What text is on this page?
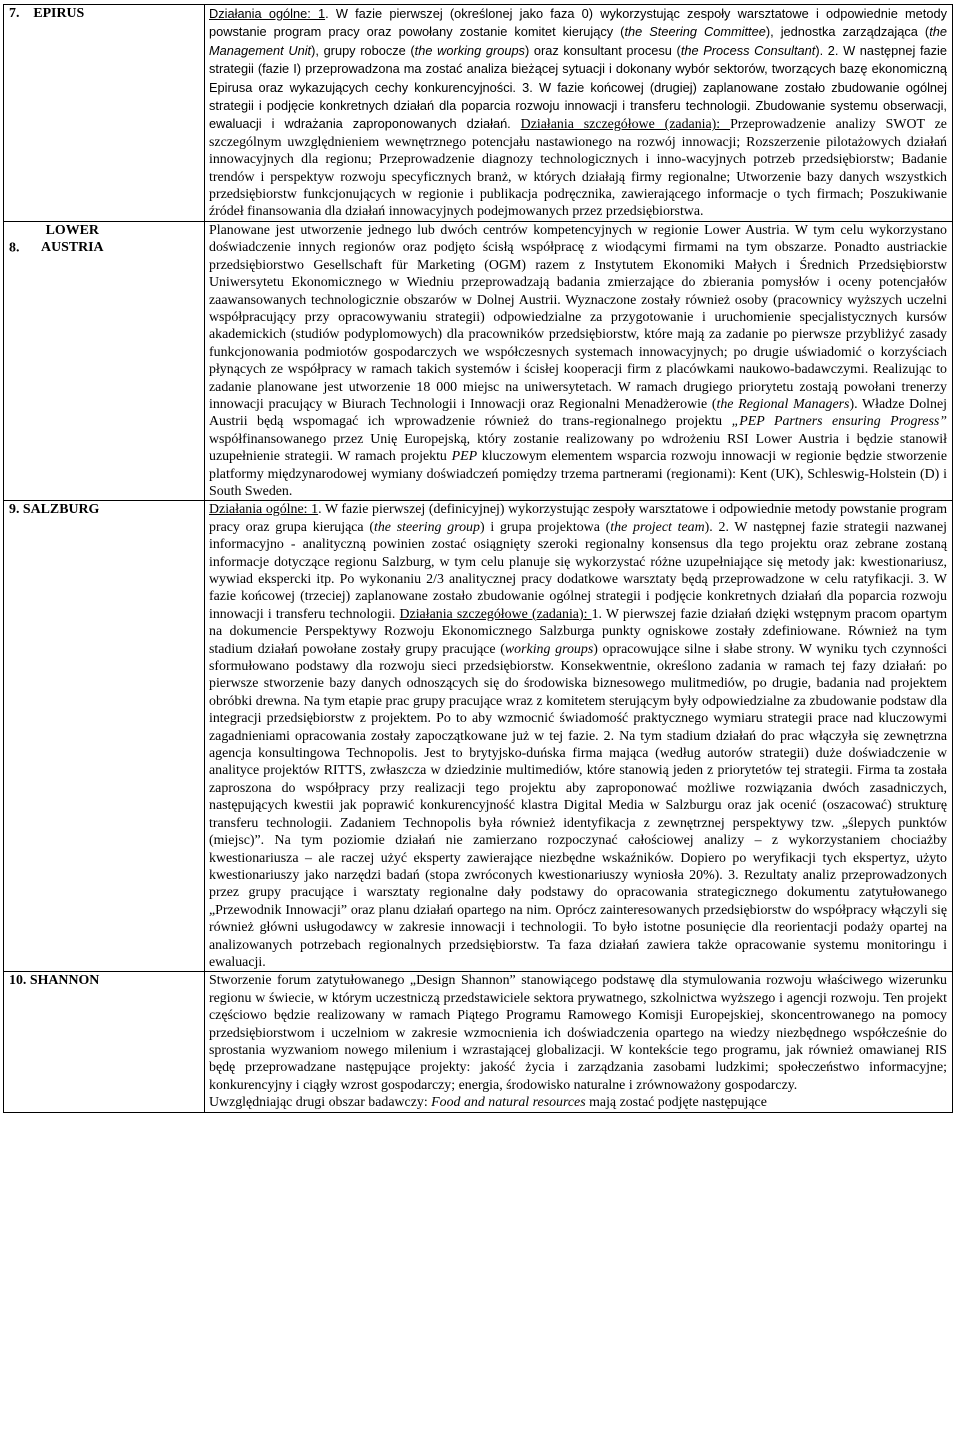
7. EPIRUS	Działania ogólne: 1. W fazie pierwszej (określonej jako faza 0) wykorzystując zespoły warsztatowe i odpowiednie metody powstanie program pracy oraz powołany zostanie komitet kierujący (the Steering Committee), jednostka zarządzająca (the Management Unit), grupy robocze (the working groups) oraz konsultant procesu (the Process Consultant). 2. W następnej fazie strategii (fazie I) przeprowadzona ma zostać analiza bieżącej sytuacji i dokonany wybór sektorów, tworzących bazę ekonomiczną Epirusa oraz wykazujących cechy konkurencyjności. 3. W fazie końcowej (drugiej) zaplanowane zostało zbudowanie ogólnej strategii i podjęcie konkretnych działań dla poparcia rozwoju innowacji i transferu technologii. Zbudowanie systemu obserwacji, ewaluacji i wdrażania zaproponowanych działań. Działania szczegółowe (zadania): Przeprowadzenie analizy SWOT ze szczególnym uwzględnieniem wewnętrznego potencjału nastawionego na rozwój innowacji; Rozszerzenie pilotażowych działań innowacyjnych dla regionu; Przeprowadzenie diagnozy technologicznych i inno-wacyjnych potrzeb przedsiębiorstw; Badanie trendów i perspektyw rozwoju specyficznych branż, w których działają firmy regionalne; Utworzenie bazy danych wszystkich przedsiębiorstw funkcjonujących w regionie i publikacja podręcznika, zawierającego informacje o tych firmach; Poszukiwanie źródeł finansowania dla działań innowacyjnych podejmowanych przez przedsiębiorstwa.
8.    LOWER AUSTRIA	Planowane jest utworzenie jednego lub dwóch centrów kompetencyjnych w regionie Lower Austria. W tym celu wykorzystano doświadczenie innych regionów oraz podjęto ścisłą współpracę z wiodącymi firmami na tym obszarze. Ponadto austriackie przedsiębiorstwo Gesellschaft für Marketing (OGM) razem z Instytutem Ekonomiki Małych i Średnich Przedsiębiorstw Uniwersytetu Ekonomicznego w Wiedniu przeprowadzają badania zmierzające do zbierania pomysłów i oceny potencjałów zaawansowanych technologicznie obszarów w Dolnej Austrii. Wyznaczone zostały również osoby (pracownicy wyższych uczelni współpracujący przy opracowywaniu strategii) odpowiedzialne za przygotowanie i uruchomienie specjalistycznych kursów akademickich (studiów podyplomowych) dla pracowników przedsiębiorstw, które mają za zadanie po pierwsze przybliżyć zasady funkcjonowania podmiotów gospodarczych we współczesnych systemach innowacyjnych; po drugie uświadomić o korzyściach płynących ze współpracy w ramach takich systemów i ścisłej kooperacji firm z placówkami naukowo-badawczymi. Realizując to zadanie planowane jest utworzenie 18 000 miejsc na uniwersytetach. W ramach drugiego priorytetu zostają powołani trenerzy innowacji pracujący w Biurach Technologii i Innowacji oraz Regionalni Menadżerowie (the Regional Managers). Władze Dolnej Austrii będą wspomagać ich wprowadzenie również do trans-regionalnego projektu „PEP Partners ensuring Progress” współfinansowanego przez Unię Europejską, który zostanie realizowany po wdrożeniu RSI Lower Austria i będzie stanowił uzupełnienie strategii. W ramach projektu PEP kluczowym elementem wsparcia rozwoju innowacji w regionie będzie stworzenie platformy międzynarodowej wymiany doświadczeń pomiędzy trzema partnerami (regionami): Kent (UK), Schleswig-Holstein (D) i South Sweden.
9. SALZBURG	Działania ogólne: 1. W fazie pierwszej (definicyjnej) wykorzystując zespoły warsztatowe i odpowiednie metody powstanie program pracy oraz grupa kierująca (the steering group) i grupa projektowa (the project team). 2. W następnej fazie strategii nazwanej informacyjno - analityczną powinien zostać osiągnięty szeroki regionalny konsensus dla tego projektu oraz zebrane zostaną informacje dotyczące regionu Salzburg, w tym celu planuje się wykorzystać różne uzupełniające się metody jak: kwestionariusz, wywiad ekspercki itp. Po wykonaniu 2/3 analitycznej pracy dodatkowe warsztaty będą przeprowadzone w celu ratyfikacji. 3. W fazie końcowej (trzeciej) zaplanowane zostało zbudowanie ogólnej strategii i podjęcie konkretnych działań dla poparcia rozwoju innowacji i transferu technologii. Działania szczegółowe (zadania): 1. W pierwszej fazie działań dzięki wstępnym pracom opartym na dokumencie Perspektywy Rozwoju Ekonomicznego Salzburga punkty ogniskowe zostały zdefiniowane. Również na tym stadium działań powołane zostały grupy pracujące (working groups) opracowujące silne i słabe strony. W wyniku tych czynności sformułowano podstawy dla rozwoju sieci przedsiębiorstw. Konsekwentnie, określono zadania w ramach tej fazy działań: po pierwsze stworzenie bazy danych odnoszących się do środowiska biznesowego mulitmediów, po drugie, badania nad projektem obróbki drewna. Na tym etapie prac grupy pracujące wraz z komitetem sterującym były odpowiedzialne za zbudowanie podstaw dla integracji przedsiębiorstw z projektem. Po to aby wzmocnić świadomość praktycznego wymiaru strategii prace nad kluczowymi zagadnieniami opracowania zostały zapoczątkowane już w tej fazie. 2. Na tym stadium działań do prac włączyła się zewnętrzna agencja konsultingowa Technopolis. Jest to brytyjsko-duńska firma mająca (według autorów strategii) duże doświadczenie w analityce projektów RITTS, zwłaszcza w dziedzinie multimediów, które stanowią jeden z priorytetów tej strategii. Firma ta została zaproszona do współpracy przy realizacji tego projektu aby zaproponować możliwe rozwiązania dwóch zasadniczych, następujących kwestii jak poprawić konkurencyjność klastra Digital Media w Salzburgu oraz jak ocenić (oszacować) strukturę transferu technologii. Zadaniem Technopolis była również identyfikacja z zewnętrznej perspektywy tzw. „ślepych punktów (miejsc)”. Na tym poziomie działań nie zamierzano rozpoczynać całościowej analizy – z wykorzystaniem chociażby kwestionariusza – ale raczej użyć eksperty zawierające niezbędne wskaźników. Dopiero po weryfikacji tych ekspertyz, użyto kwestionariuszy jako narzędzi badań (stopa zwróconych kwestionariuszy wyniosła 20%). 3. Rezultaty analiz przeprowadzonych przez grupy pracujące i warsztaty regionalne dały podstawy do opracowania strategicznego dokumentu zatytułowanego „Przewodnik Innowacji” oraz planu działań opartego na nim. Oprócz zainteresowanych przedsiębiorstw do współpracy włączyli się również główni usługodawcy w zakresie innowacji i technologii. To było istotne posunięcie dla reorientacji podaży opartej na analizowanych potrzebach regionalnych przedsiębiorstw. Ta faza działań zawiera także opracowanie systemu monitoringu i ewaluacji.
10. SHANNON	Stworzenie forum zatytułowanego „Design Shannon” stanowiącego podstawę dla stymulowania rozwoju właściwego wizerunku regionu w świecie, w którym uczestniczą przedstawiciele sektora prywatnego, szkolnictwa wyższego i agencji rozwoju. Ten projekt częściowo będzie realizowany w ramach Piątego Programu Ramowego Komisji Europejskiej, skoncentrowanego na pomocy przedsiębiorstwom i uczelniom w zakresie wzmocnienia ich doświadczenia opartego na wiedzy niezbędnego współcześnie do sprostania wyzwaniom nowego milenium i wzrastającej globalizacji. W kontekście tego programu, jak również omawianej RIS będę przeprowadzane następujące projekty: jakość życia i zarządzania zasobami ludzkimi; społeczeństwo informacyjne; konkurencyjny i ciągły wzrost gospodarczy; energia, środowisko naturalne i zrównoważony gospodarczy.
Uwzględniając drugi obszar badawczy: Food and natural resources mają zostać podjęte następujące
